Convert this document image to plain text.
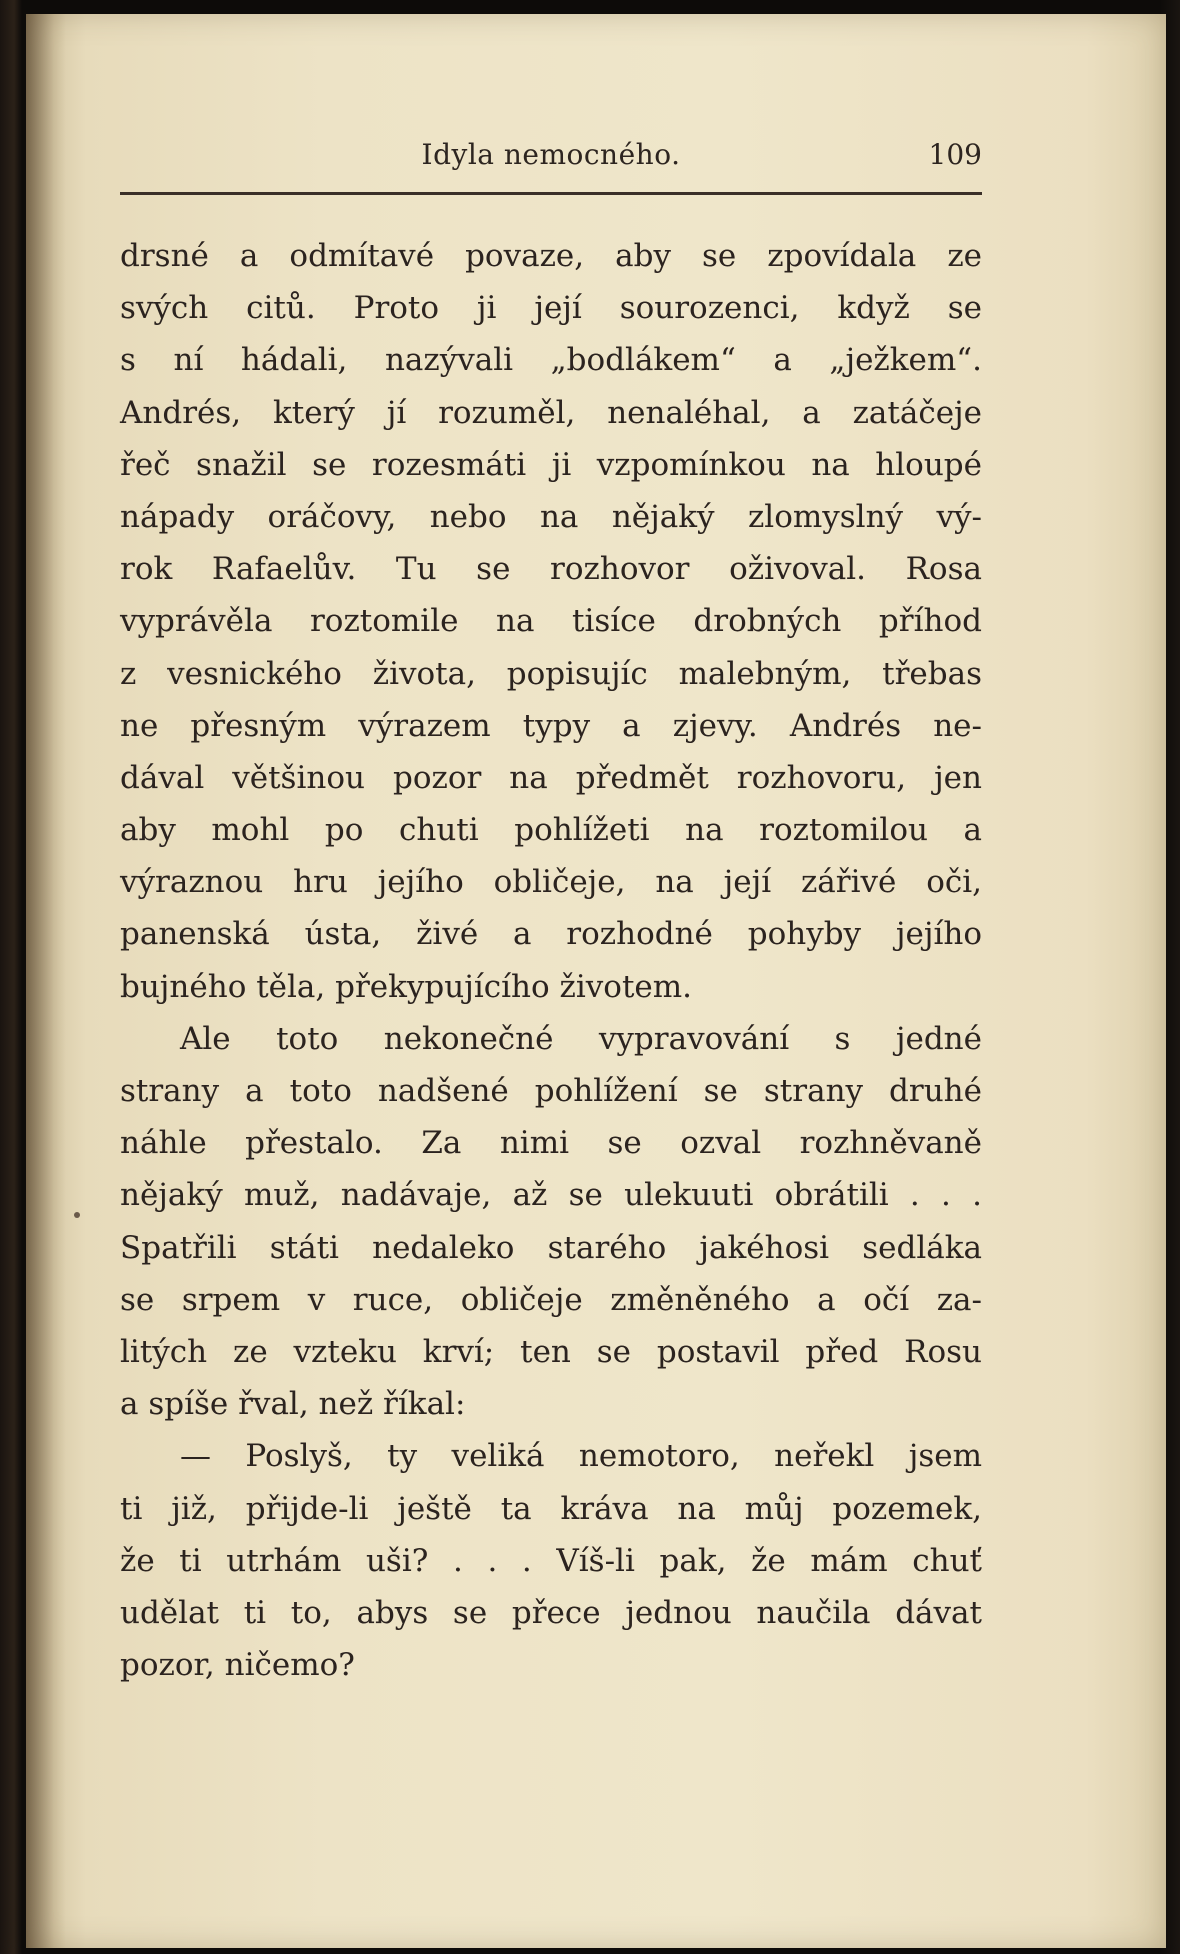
Idyla nemocného.	109
drsné a odmítavé povaze, aby se zpovídala ze
svých citů. Proto ji její sourozenci, když se
s ní hádali, nazývali „bodlákem“ a „ježkem“.
Andrés, který jí rozuměl, nenaléhal, a zatáčeje
řeč snažil se rozesmáti ji vzpomínkou na hloupé
nápady oráčovy, nebo na nějaký zlomyslný vý-
rok Rafaelův. Tu se rozhovor oživoval. Rosa
vyprávěla roztomile na tisíce drobných příhod
z vesnického života, popisujíc malebným, třebas
ne přesným výrazem typy a zjevy. Andrés ne-
dával většinou pozor na předmět rozhovoru, jen
aby mohl po chuti pohlížeti na roztomilou a
výraznou hru jejího obličeje, na její zářivé oči,
panenská ústa, živé a rozhodné pohyby jejího
bujného těla, překypujícího životem.
Ale toto nekonečné vypravování s jedné
strany a toto nadšené pohlížení se strany druhé
náhle přestalo. Za nimi se ozval rozhněvaně
nějaký muž, nadávaje, až se ulekuuti obrátili . . .
Spatřili státi nedaleko starého jakéhosi sedláka
se srpem v ruce, obličeje změněného a očí za-
litých ze vzteku krví; ten se postavil před Rosu
a spíše řval, než říkal:
— Poslyš, ty veliká nemotoro, neřekl jsem
ti již, přijde-li ještě ta kráva na můj pozemek,
že ti utrhám uši? . . . Víš-li pak, že mám chuť
udělat ti to, abys se přece jednou naučila dávat
pozor, ničemo?
